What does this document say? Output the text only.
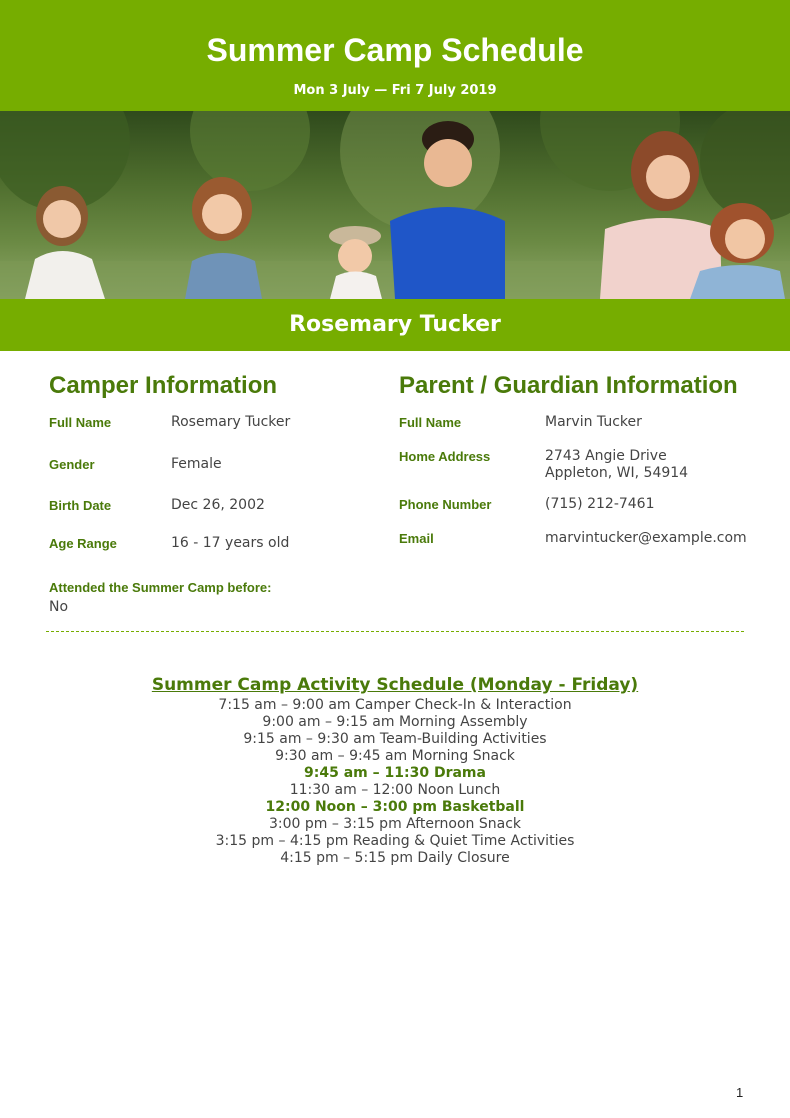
Summer Camp Schedule
Mon 3 July — Fri 7 July 2019
Rosemary Tucker
Camper Information
Full Name	Rosemary Tucker
Gender	Female
Birth Date	Dec 26, 2002
Age Range	16 - 17 years old
Attended the Summer Camp before:
No
Parent / Guardian Information
Full Name	Marvin Tucker
Home Address	2743 Angie Drive
Appleton, WI, 54914
Phone Number	(715) 212-7461
Email	marvintucker@example.com
Summer Camp Activity Schedule (Monday - Friday)
7:15 am – 9:00 am Camper Check-In & Interaction
9:00 am – 9:15 am Morning Assembly
9:15 am – 9:30 am Team-Building Activities
9:30 am – 9:45 am Morning Snack
9:45 am – 11:30 Drama
11:30 am – 12:00 Noon Lunch
12:00 Noon – 3:00 pm Basketball
3:00 pm – 3:15 pm Afternoon Snack
3:15 pm – 4:15 pm Reading & Quiet Time Activities
4:15 pm – 5:15 pm Daily Closure
1
